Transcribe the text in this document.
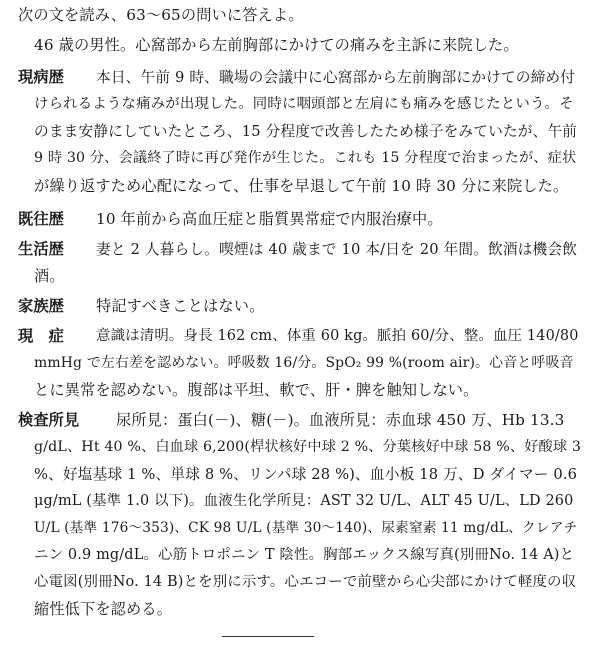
次の文を読み、63～65の問いに答えよ。
46 歳の男性。心窩部から左前胸部にかけての痛みを主訴に来院した。
現病歴 本日、午前 9 時、職場の会議中に心窩部から左前胸部にかけての締め付
けられるような痛みが出現した。同時に咽頭部と左肩にも痛みを感じたという。そ
のまま安静にしていたところ、15 分程度で改善したため様子をみていたが、午前
9 時 30 分、会議終了時に再び発作が生じた。これも 15 分程度で治まったが、症状
が繰り返すため心配になって、仕事を早退して午前 10 時 30 分に来院した。
既往歴 10 年前から高血圧症と脂質異常症で内服治療中。
生活歴 妻と 2 人暮らし。喫煙は 40 歳まで 10 本/日を 20 年間。飲酒は機会飲
酒。
家族歴 特記すべきことはない。
現　症 意識は清明。身長 162 cm、体重 60 kg。脈拍 60/分、整。血圧 140/80
mmHg で左右差を認めない。呼吸数 16/分。SpO₂ 99 %(room air)。心音と呼吸音
とに異常を認めない。腹部は平坦、軟で、肝・脾を触知しない。
検査所見 尿所見：蛋白(－)、糖(－)。血液所見：赤血球 450 万、Hb 13.3
g/dL、Ht 40 %、白血球 6,200(桿状核好中球 2 %、分葉核好中球 58 %、好酸球 3
%、好塩基球 1 %、単球 8 %、リンパ球 28 %)、血小板 18 万、D ダイマー 0.6
μg/mL (基準 1.0 以下)。血液生化学所見：AST 32 U/L、ALT 45 U/L、LD 260
U/L (基準 176～353)、CK 98 U/L (基準 30～140)、尿素窒素 11 mg/dL、クレアチ
ニン 0.9 mg/dL。心筋トロポニン T 陰性。胸部エックス線写真(別冊No. 14 A)と
心電図(別冊No. 14 B)とを別に示す。心エコーで前壁から心尖部にかけて軽度の収
縮性低下を認める。
